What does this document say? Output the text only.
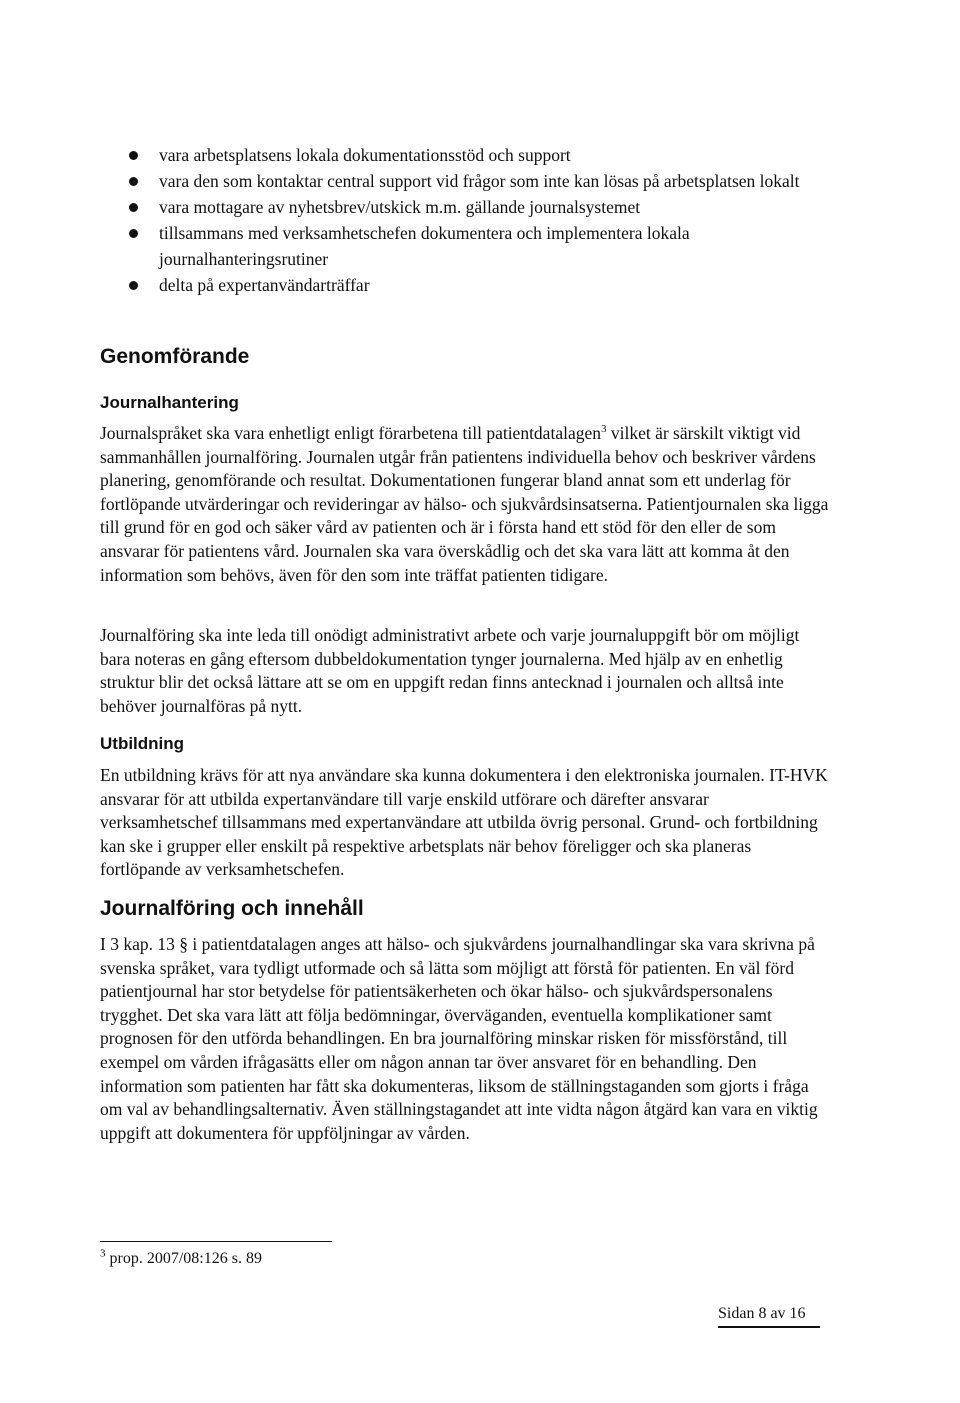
vara arbetsplatsens lokala dokumentationsstöd och support
vara den som kontaktar central support vid frågor som inte kan lösas på arbetsplatsen lokalt
vara mottagare av nyhetsbrev/utskick m.m. gällande journalsystemet
tillsammans med verksamhetschefen dokumentera och implementera lokala journalhanteringsrutiner
delta på expertanvändarträffar
Genomförande
Journalhantering

Journalspråket ska vara enhetligt enligt förarbetena till patientdatalagen$^3$ vilket är särskilt viktigt vid sammanhållen journalföring. Journalen utgår från patientens individuella behov och beskriver vårdens planering, genomförande och resultat. Dokumentationen fungerar bland annat som ett underlag för fortlöpande utvärderingar och revideringar av hälso- och sjukvårdsinsatserna. Patientjournalen ska ligga till grund för en god och säker vård av patienten och är i första hand ett stöd för den eller de som ansvarar för patientens vård. Journalen ska vara överskådlig och det ska vara lätt att komma åt den information som behövs, även för den som inte träffat patienten tidigare.

Journalföring ska inte leda till onödigt administrativt arbete och varje journaluppgift bör om möjligt bara noteras en gång eftersom dubbeldokumentation tynger journalerna. Med hjälp av en enhetlig struktur blir det också lättare att se om en uppgift redan finns antecknad i journalen och alltså inte behöver journalföras på nytt.

Utbildning

En utbildning krävs för att nya användare ska kunna dokumentera i den elektroniska journalen. IT-HVK ansvarar för att utbilda expertanvändare till varje enskild utförare och därefter ansvarar verksamhetschef tillsammans med expertanvändare att utbilda övrig personal. Grund- och fortbildning kan ske i grupper eller enskilt på respektive arbetsplats när behov föreligger och ska planeras fortlöpande av verksamhetschefen.

Journalföring och innehåll

I 3 kap. 13 § i patientdatalagen anges att hälso- och sjukvårdens journalhandlingar ska vara skrivna på svenska språket, vara tydligt utformade och så lätta som möjligt att förstå för patienten. En väl förd patientjournal har stor betydelse för patientsäkerheten och ökar hälso- och sjukvårdspersonalens trygghet. Det ska vara lätt att följa bedömningar, överväganden, eventuella komplikationer samt prognosen för den utförda behandlingen. En bra journalföring minskar risken för missförstånd, till exempel om vården ifrågasätts eller om någon annan tar över ansvaret för en behandling. Den information som patienten har fått ska dokumenteras, liksom de ställningstaganden som gjorts i fråga om val av behandlingsalternativ. Även ställningstagandet att inte vidta någon åtgärd kan vara en viktig uppgift att dokumentera för uppföljningar av vården.

$^3$ prop. 2007/08:126 s. 89

Sidan 8 av 16
